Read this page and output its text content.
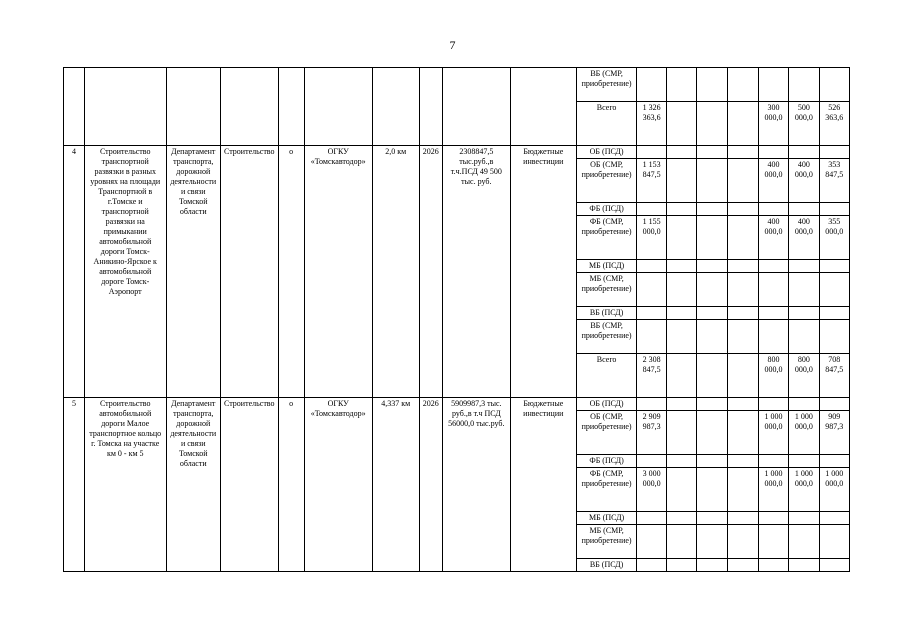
7
										ВБ (СМР, приобретение)							
										Всего	1 326 363,6				300 000,0	500 000,0	526 363,6
4	Строительство транспортной развязки в разных уровнях на площади Транспортной в г.Томске и транспортной развязки на примыкании автомобильной дороги Томск-Аникино-Ярское к автомобильной дороге Томск-Аэропорт	Департамент транспорта, дорожной деятельности и связи Томской области	Строительство	о	ОГКУ «Томскавтодор»	2,0 км	2026	2308847,5 тыс.руб.,в т.ч.ПСД 49 500 тыс. руб.	Бюджетные инвестиции	ОБ (ПСД)							
										ОБ (СМР, приобретение)	1 153 847,5				400 000,0	400 000,0	353 847,5
										ФБ (ПСД)							
										ФБ (СМР, приобретение)	1 155 000,0				400 000,0	400 000,0	355 000,0
										МБ (ПСД)							
										МБ (СМР, приобретение)							
										ВБ (ПСД)							
										ВБ (СМР, приобретение)							
										Всего	2 308 847,5				800 000,0	800 000,0	708 847,5
5	Строительство автомобильной дороги Малое транспортное кольцо г. Томска на участке км 0 - км 5	Департамент транспорта, дорожной деятельности и связи Томской области	Строительство	о	ОГКУ «Томскавтодор»	4,337 км	2026	5909987,3 тыс. руб.,в т.ч ПСД 56000,0 тыс.руб.	Бюджетные инвестиции	ОБ (ПСД)							
										ОБ (СМР, приобретение)	2 909 987,3				1 000 000,0	1 000 000,0	909 987,3
										ФБ (ПСД)							
										ФБ (СМР, приобретение)	3 000 000,0				1 000 000,0	1 000 000,0	1 000 000,0
										МБ (ПСД)							
										МБ (СМР, приобретение)							
										ВБ (ПСД)							
